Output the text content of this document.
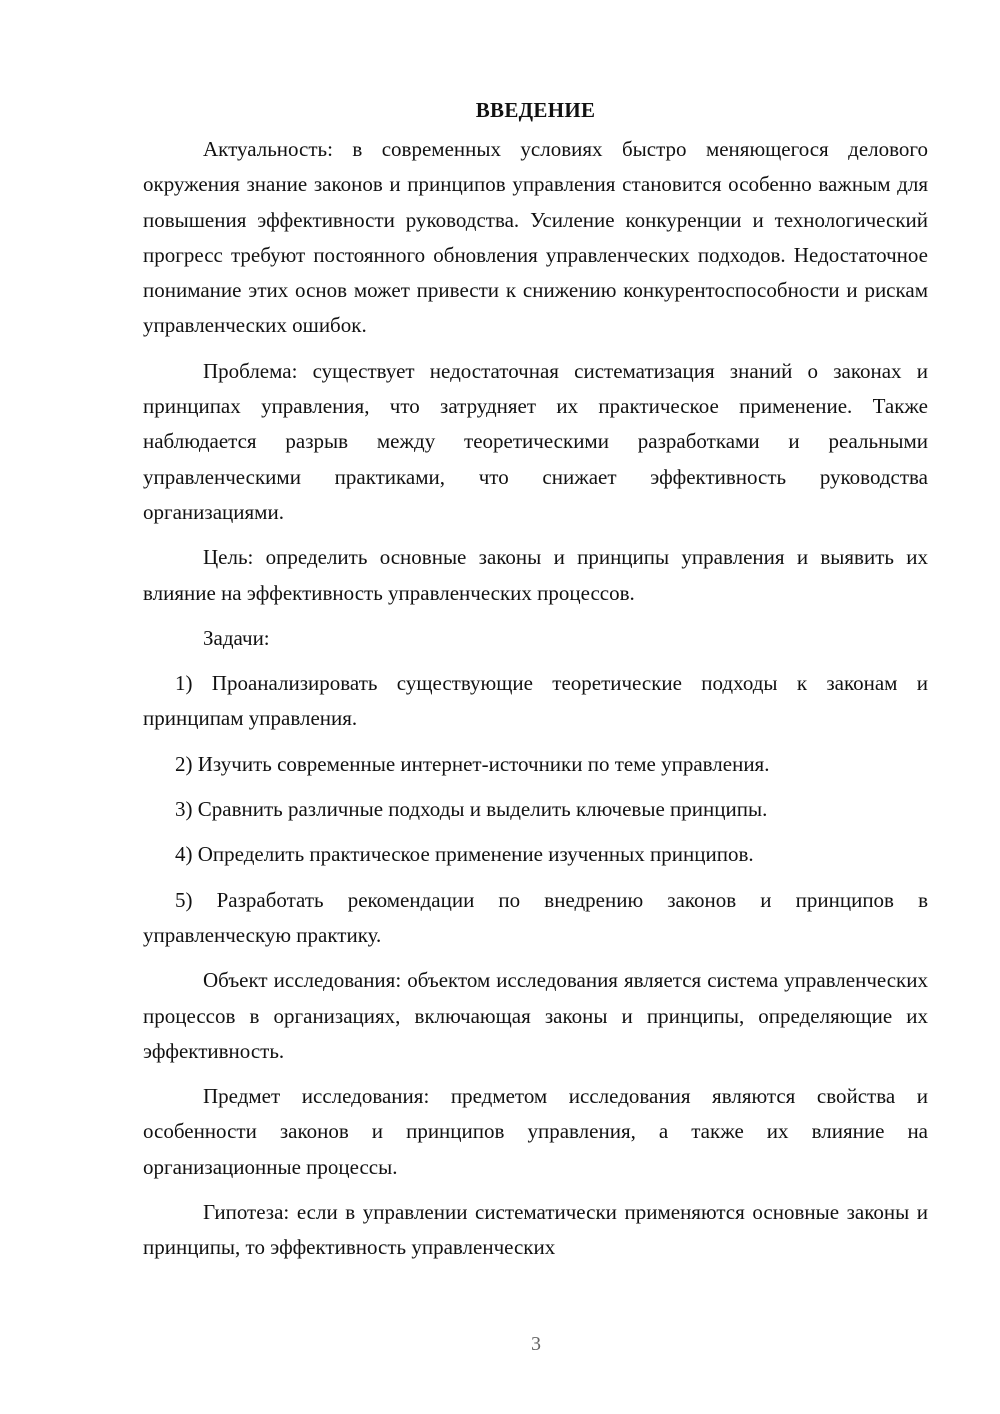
ВВЕДЕНИЕ

Актуальность: в современных условиях быстро меняющегося делового окружения знание законов и принципов управления становится особенно важным для повышения эффективности руководства. Усиление конкуренции и технологический прогресс требуют постоянного обновления управленческих подходов. Недостаточное понимание этих основ может привести к снижению конкурентоспособности и рискам управленческих ошибок.

Проблема: существует недостаточная систематизация знаний о законах и принципах управления, что затрудняет их практическое применение. Также наблюдается разрыв между теоретическими разработками и реальными управленческими практиками, что снижает эффективность руководства организациями.

Цель: определить основные законы и принципы управления и выявить их влияние на эффективность управленческих процессов.

Задачи:

1) Проанализировать существующие теоретические подходы к законам и принципам управления.

2) Изучить современные интернет-источники по теме управления.

3) Сравнить различные подходы и выделить ключевые принципы.

4) Определить практическое применение изученных принципов.

5) Разработать рекомендации по внедрению законов и принципов в управленческую практику.

Объект исследования: объектом исследования является система управленческих процессов в организациях, включающая законы и принципы, определяющие их эффективность.

Предмет исследования: предметом исследования являются свойства и особенности законов и принципов управления, а также их влияние на организационные процессы.

Гипотеза: если в управлении систематически применяются основные законы и принципы, то эффективность управленческих

3
